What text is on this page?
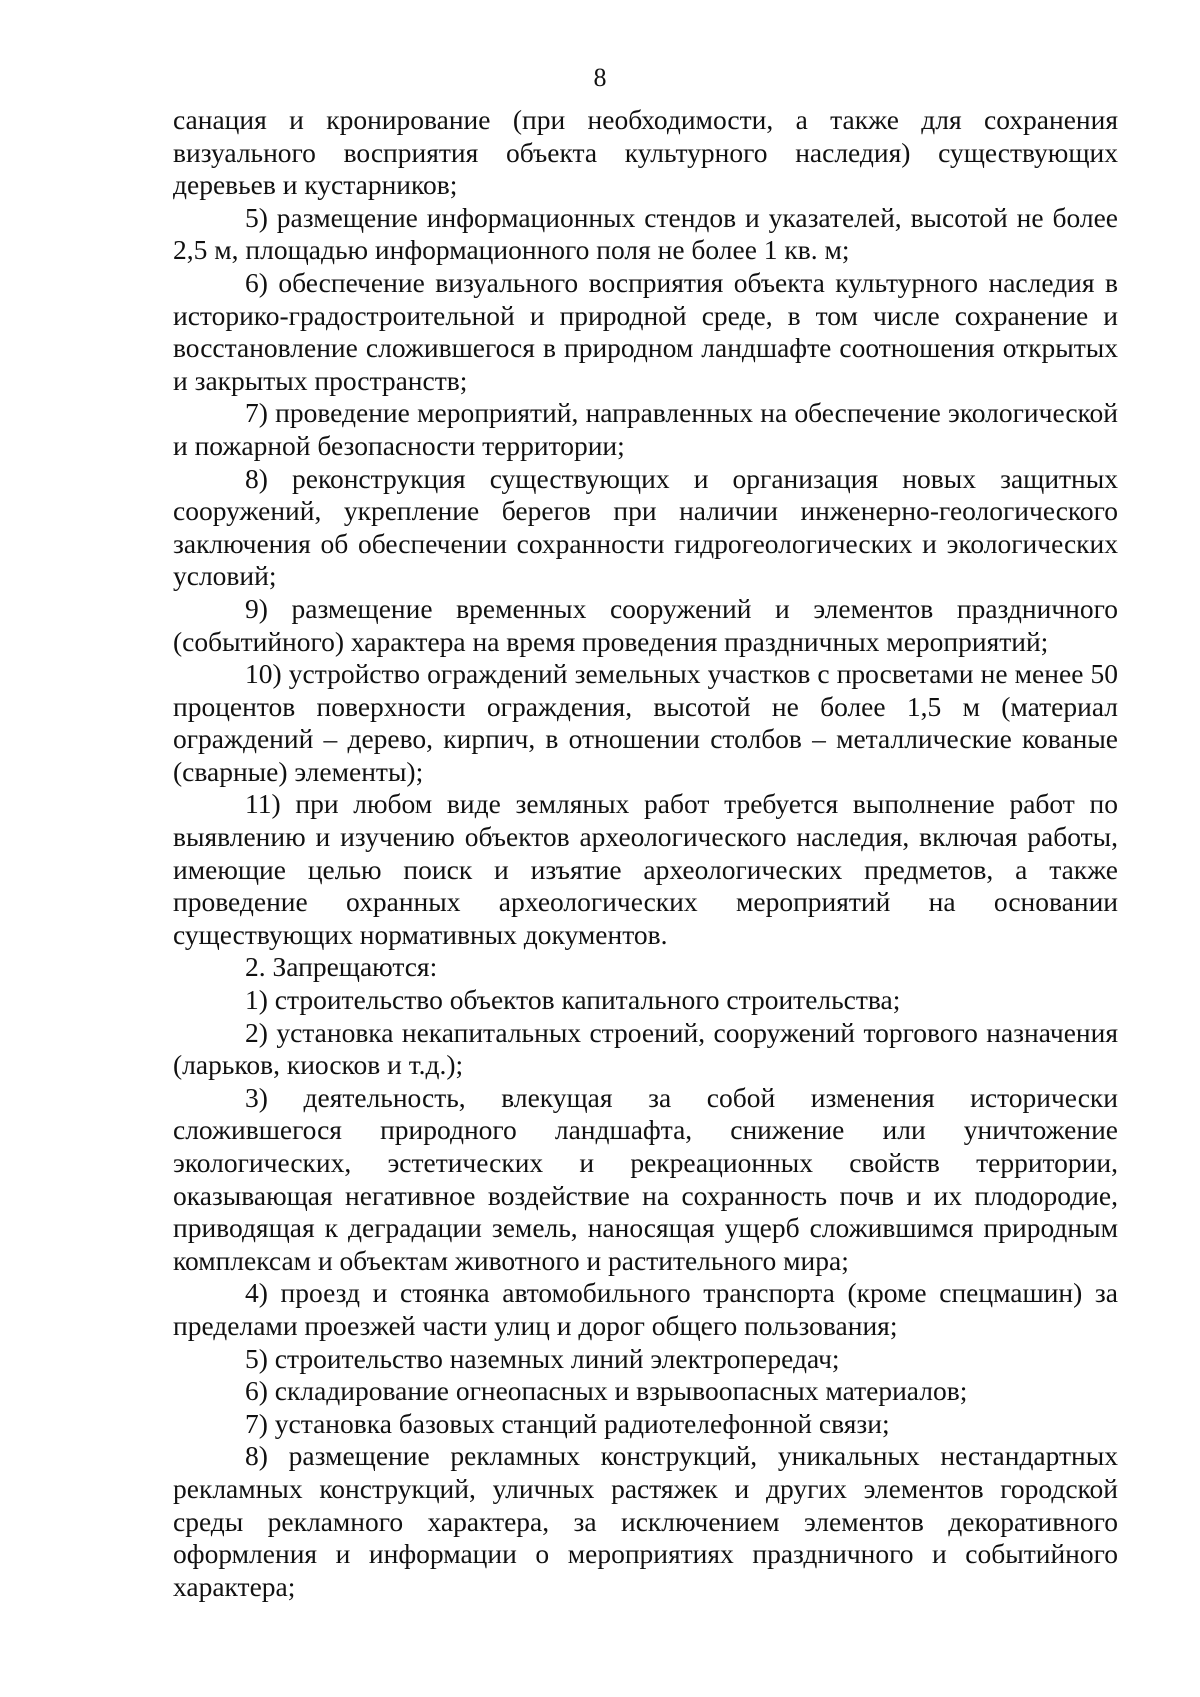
8

санация и кронирование (при необходимости, а также для сохранения визуального восприятия объекта культурного наследия) существующих деревьев и кустарников;

5) размещение информационных стендов и указателей, высотой не более 2,5 м, площадью информационного поля не более 1 кв. м;

6) обеспечение визуального восприятия объекта культурного наследия в историко-градостроительной и природной среде, в том числе сохранение и восстановление сложившегося в природном ландшафте соотношения открытых и закрытых пространств;

7) проведение мероприятий, направленных на обеспечение экологической и пожарной безопасности территории;

8) реконструкция существующих и организация новых защитных сооружений, укрепление берегов при наличии инженерно-геологического заключения об обеспечении сохранности гидрогеологических и экологических условий;

9) размещение временных сооружений и элементов праздничного (событийного) характера на время проведения праздничных мероприятий;

10) устройство ограждений земельных участков с просветами не менее 50 процентов поверхности ограждения, высотой не более 1,5 м (материал ограждений – дерево, кирпич, в отношении столбов – металлические кованые (сварные) элементы);

11) при любом виде земляных работ требуется выполнение работ по выявлению и изучению объектов археологического наследия, включая работы, имеющие целью поиск и изъятие археологических предметов, а также проведение охранных археологических мероприятий на основании существующих нормативных документов.

2. Запрещаются:

1) строительство объектов капитального строительства;

2) установка некапитальных строений, сооружений торгового назначения (ларьков, киосков и т.д.);

3) деятельность, влекущая за собой изменения исторически сложившегося природного ландшафта, снижение или уничтожение экологических, эстетических и рекреационных свойств территории, оказывающая негативное воздействие на сохранность почв и их плодородие, приводящая к деградации земель, наносящая ущерб сложившимся природным комплексам и объектам животного и растительного мира;

4) проезд и стоянка автомобильного транспорта (кроме спецмашин) за пределами проезжей части улиц и дорог общего пользования;

5) строительство наземных линий электропередач;

6) складирование огнеопасных и взрывоопасных материалов;

7) установка базовых станций радиотелефонной связи;

8) размещение рекламных конструкций, уникальных нестандартных рекламных конструкций, уличных растяжек и других элементов городской среды рекламного характера, за исключением элементов декоративного оформления и информации о мероприятиях праздничного и событийного характера;
